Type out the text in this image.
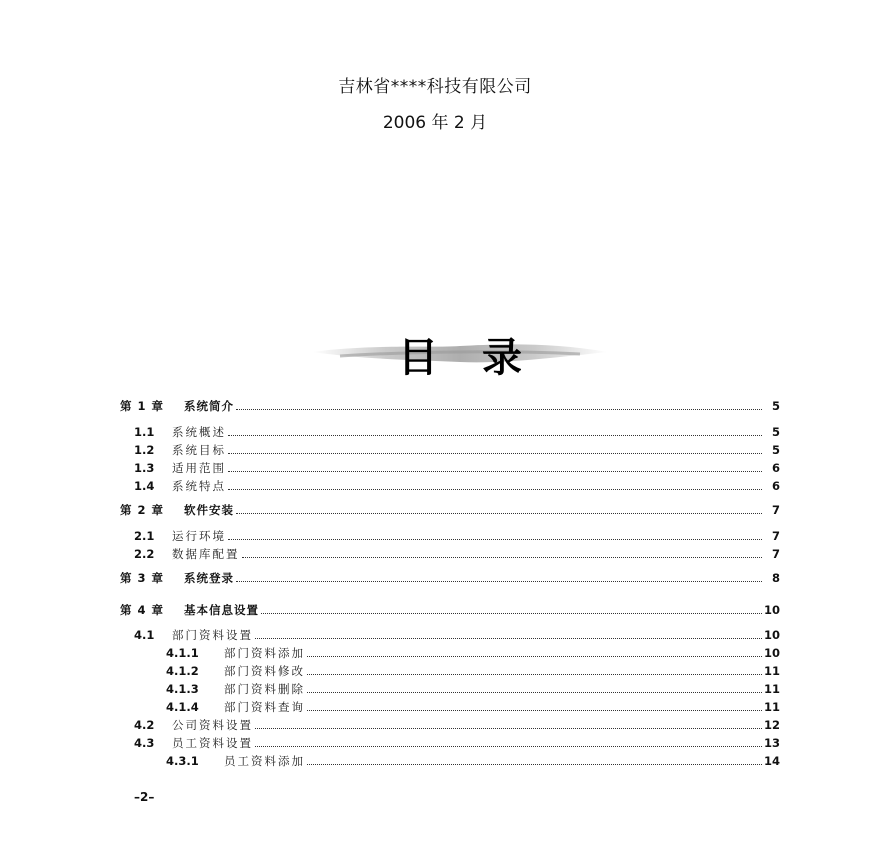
吉林省****科技有限公司
2006 年 2 月
目录
第 1 章	系统简介	5
1.1	系统概述	5
1.2	系统目标	5
1.3	适用范围	6
1.4	系统特点	6
第 2 章	软件安装	7
2.1	运行环境	7
2.2	数据库配置	7
第 3 章	系统登录	8
第 4 章	基本信息设置	10
4.1	部门资料设置	10
4.1.1	部门资料添加	10
4.1.2	部门资料修改	11
4.1.3	部门资料删除	11
4.1.4	部门资料查询	11
4.2	公司资料设置	12
4.3	员工资料设置	13
4.3.1	员工资料添加	14
–2–
